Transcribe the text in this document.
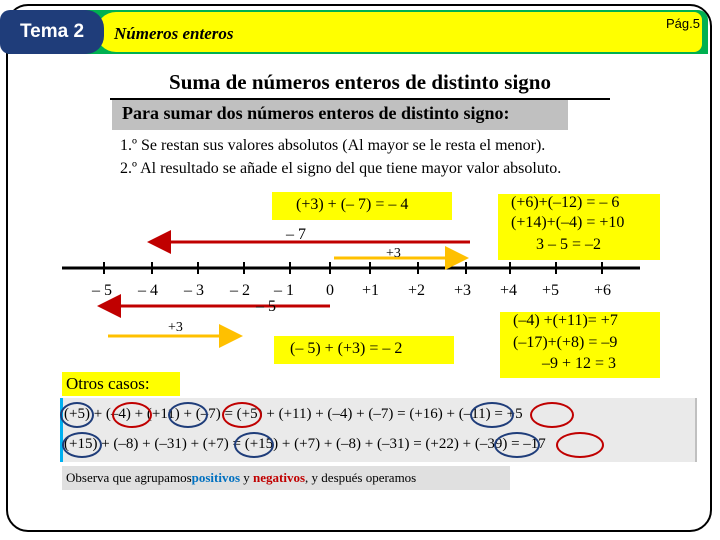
Tema 2	Números enteros
Pág.5
Suma de números enteros de distinto signo
Para sumar dos números enteros de distinto signo:
1.º Se restan sus valores absolutos (Al mayor se le resta el menor).
2.º Al resultado se añade el signo del que tiene mayor valor absoluto.
(+3) + (– 7) = – 4	(+6)+(–12) = – 6
(+14)+(–4) = +10
3 – 5 = –2
– 7
+3
+3
– 5
– 5 – 4 – 3 – 2 – 1 0 +1 +2 +3 +4 +5 +6
(– 5) + (+3) = – 2
(–4) +(+11)= +7
(–17)+(+8) = –9
–9 + 12 = 3
Otros casos:
(+5) + (–4) + (+11) + (–7) = (+5) + (+11) + (–4) + (–7) = (+16) + (–11) = +5
(+15) + (–8) + (–31) + (+7) = (+15) + (+7) + (–8) + (–31) = (+22) + (–39) = –17
Observa que agrupamos positivos y negativos , y después operamos
